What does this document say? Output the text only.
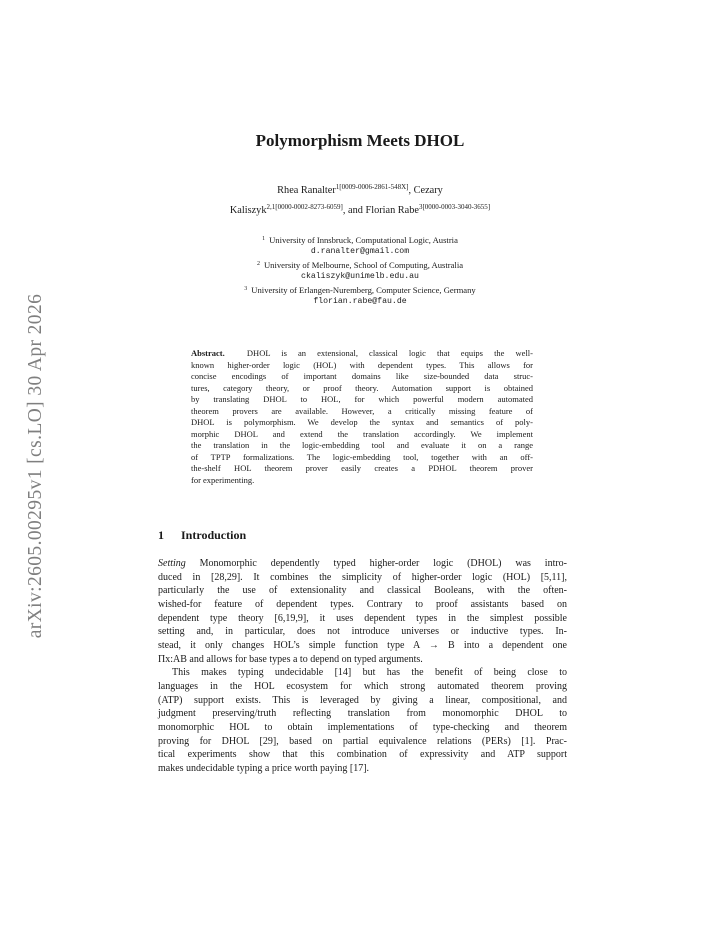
arXiv:2605.00295v1 [cs.LO] 30 Apr 2026
Polymorphism Meets DHOL
Rhea Ranalter$^{1[0009-0006-2861-548X]}$, Cezary
Kaliszyk$^{2,1[0000-0002-8273-6059]}$, and Florian Rabe$^{3[0000-0003-3040-3655]}$
$^1$ University of Innsbruck, Computational Logic, Austria
d.ranalter@gmail.com
$^2$ University of Melbourne, School of Computing, Australia
ckaliszyk@unimelb.edu.au
$^3$ University of Erlangen-Nuremberg, Computer Science, Germany
florian.rabe@fau.de
Abstract.	DHOL is an extensional, classical logic that equips the well-
known higher-order logic (HOL) with dependent types. This allows for
concise encodings of important domains like size-bounded data struc-
tures, category theory, or proof theory. Automation support is obtained
by translating DHOL to HOL, for which powerful modern automated
theorem provers are available. However, a critically missing feature of
DHOL is polymorphism. We develop the syntax and semantics of poly-
morphic DHOL and extend the translation accordingly. We implement
the translation in the logic-embedding tool and evaluate it on a range
of TPTP formalizations. The logic-embedding tool, together with an off-
the-shelf HOL theorem prover easily creates a PDHOL theorem prover
for experimenting.
1 Introduction
Setting Monomorphic dependently typed higher-order logic (DHOL) was intro-
duced in [28,29]. It combines the simplicity of higher-order logic (HOL) [5,11],
particularly the use of extensionality and classical Booleans, with the often-
wished-for feature of dependent types. Contrary to proof assistants based on
dependent type theory [6,19,9], it uses dependent types in the simplest possible
setting and, in particular, does not introduce universes or inductive types. In-
stead, it only changes HOL’s simple function type A → B into a dependent one
Πx:AB and allows for base types a to depend on typed arguments.
This makes typing undecidable [14] but has the benefit of being close to
languages in the HOL ecosystem for which strong automated theorem proving
(ATP) support exists. This is leveraged by giving a linear, compositional, and
judgment preserving/truth reflecting translation from monomorphic DHOL to
monomorphic HOL to obtain implementations of type-checking and theorem
proving for DHOL [29], based on partial equivalence relations (PERs) [1]. Prac-
tical experiments show that this combination of expressivity and ATP support
makes undecidable typing a price worth paying [17].
